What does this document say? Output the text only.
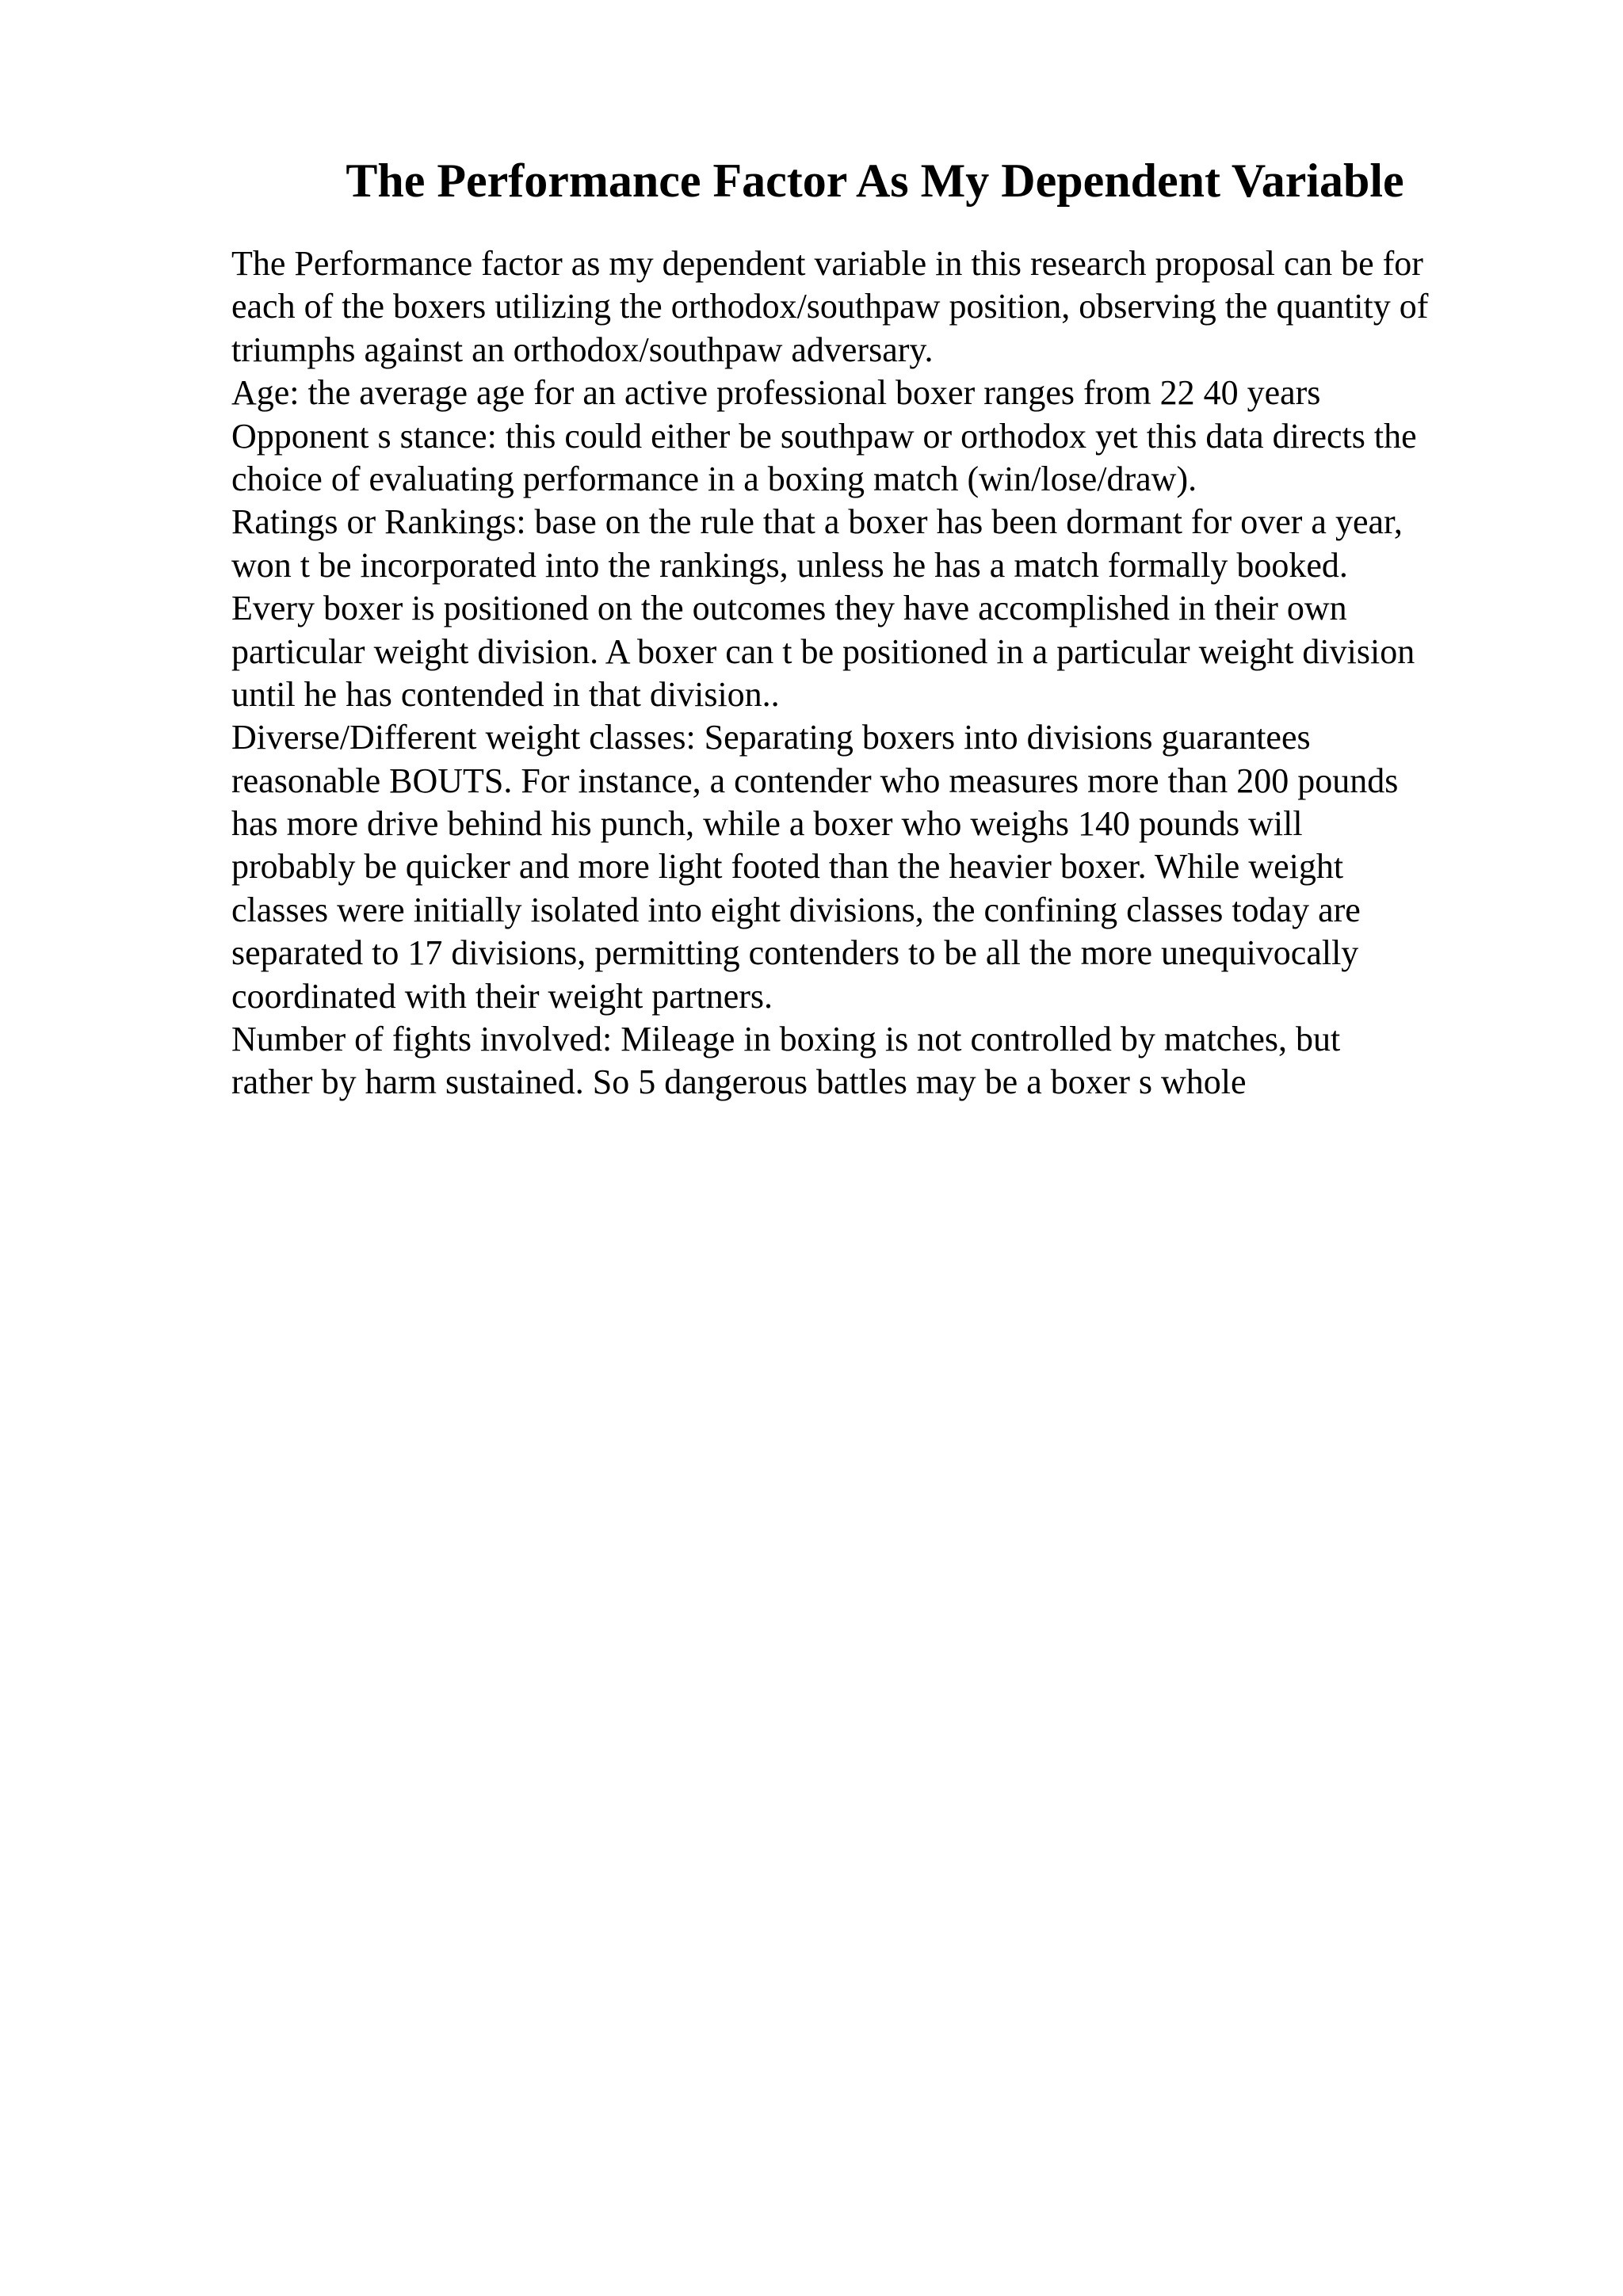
The Performance Factor As My Dependent Variable
The Performance factor as my dependent variable in this research proposal can be for
each of the boxers utilizing the orthodox/southpaw position, observing the quantity of
triumphs against an orthodox/southpaw adversary.
Age: the average age for an active professional boxer ranges from 22 40 years
Opponent s stance: this could either be southpaw or orthodox yet this data directs the
choice of evaluating performance in a boxing match (win/lose/draw).
Ratings or Rankings: base on the rule that a boxer has been dormant for over a year,
won t be incorporated into the rankings, unless he has a match formally booked.
Every boxer is positioned on the outcomes they have accomplished in their own
particular weight division. A boxer can t be positioned in a particular weight division
until he has contended in that division..
Diverse/Different weight classes: Separating boxers into divisions guarantees
reasonable BOUTS. For instance, a contender who measures more than 200 pounds
has more drive behind his punch, while a boxer who weighs 140 pounds will
probably be quicker and more light footed than the heavier boxer. While weight
classes were initially isolated into eight divisions, the confining classes today are
separated to 17 divisions, permitting contenders to be all the more unequivocally
coordinated with their weight partners.
Number of fights involved: Mileage in boxing is not controlled by matches, but
rather by harm sustained. So 5 dangerous battles may be a boxer s whole
